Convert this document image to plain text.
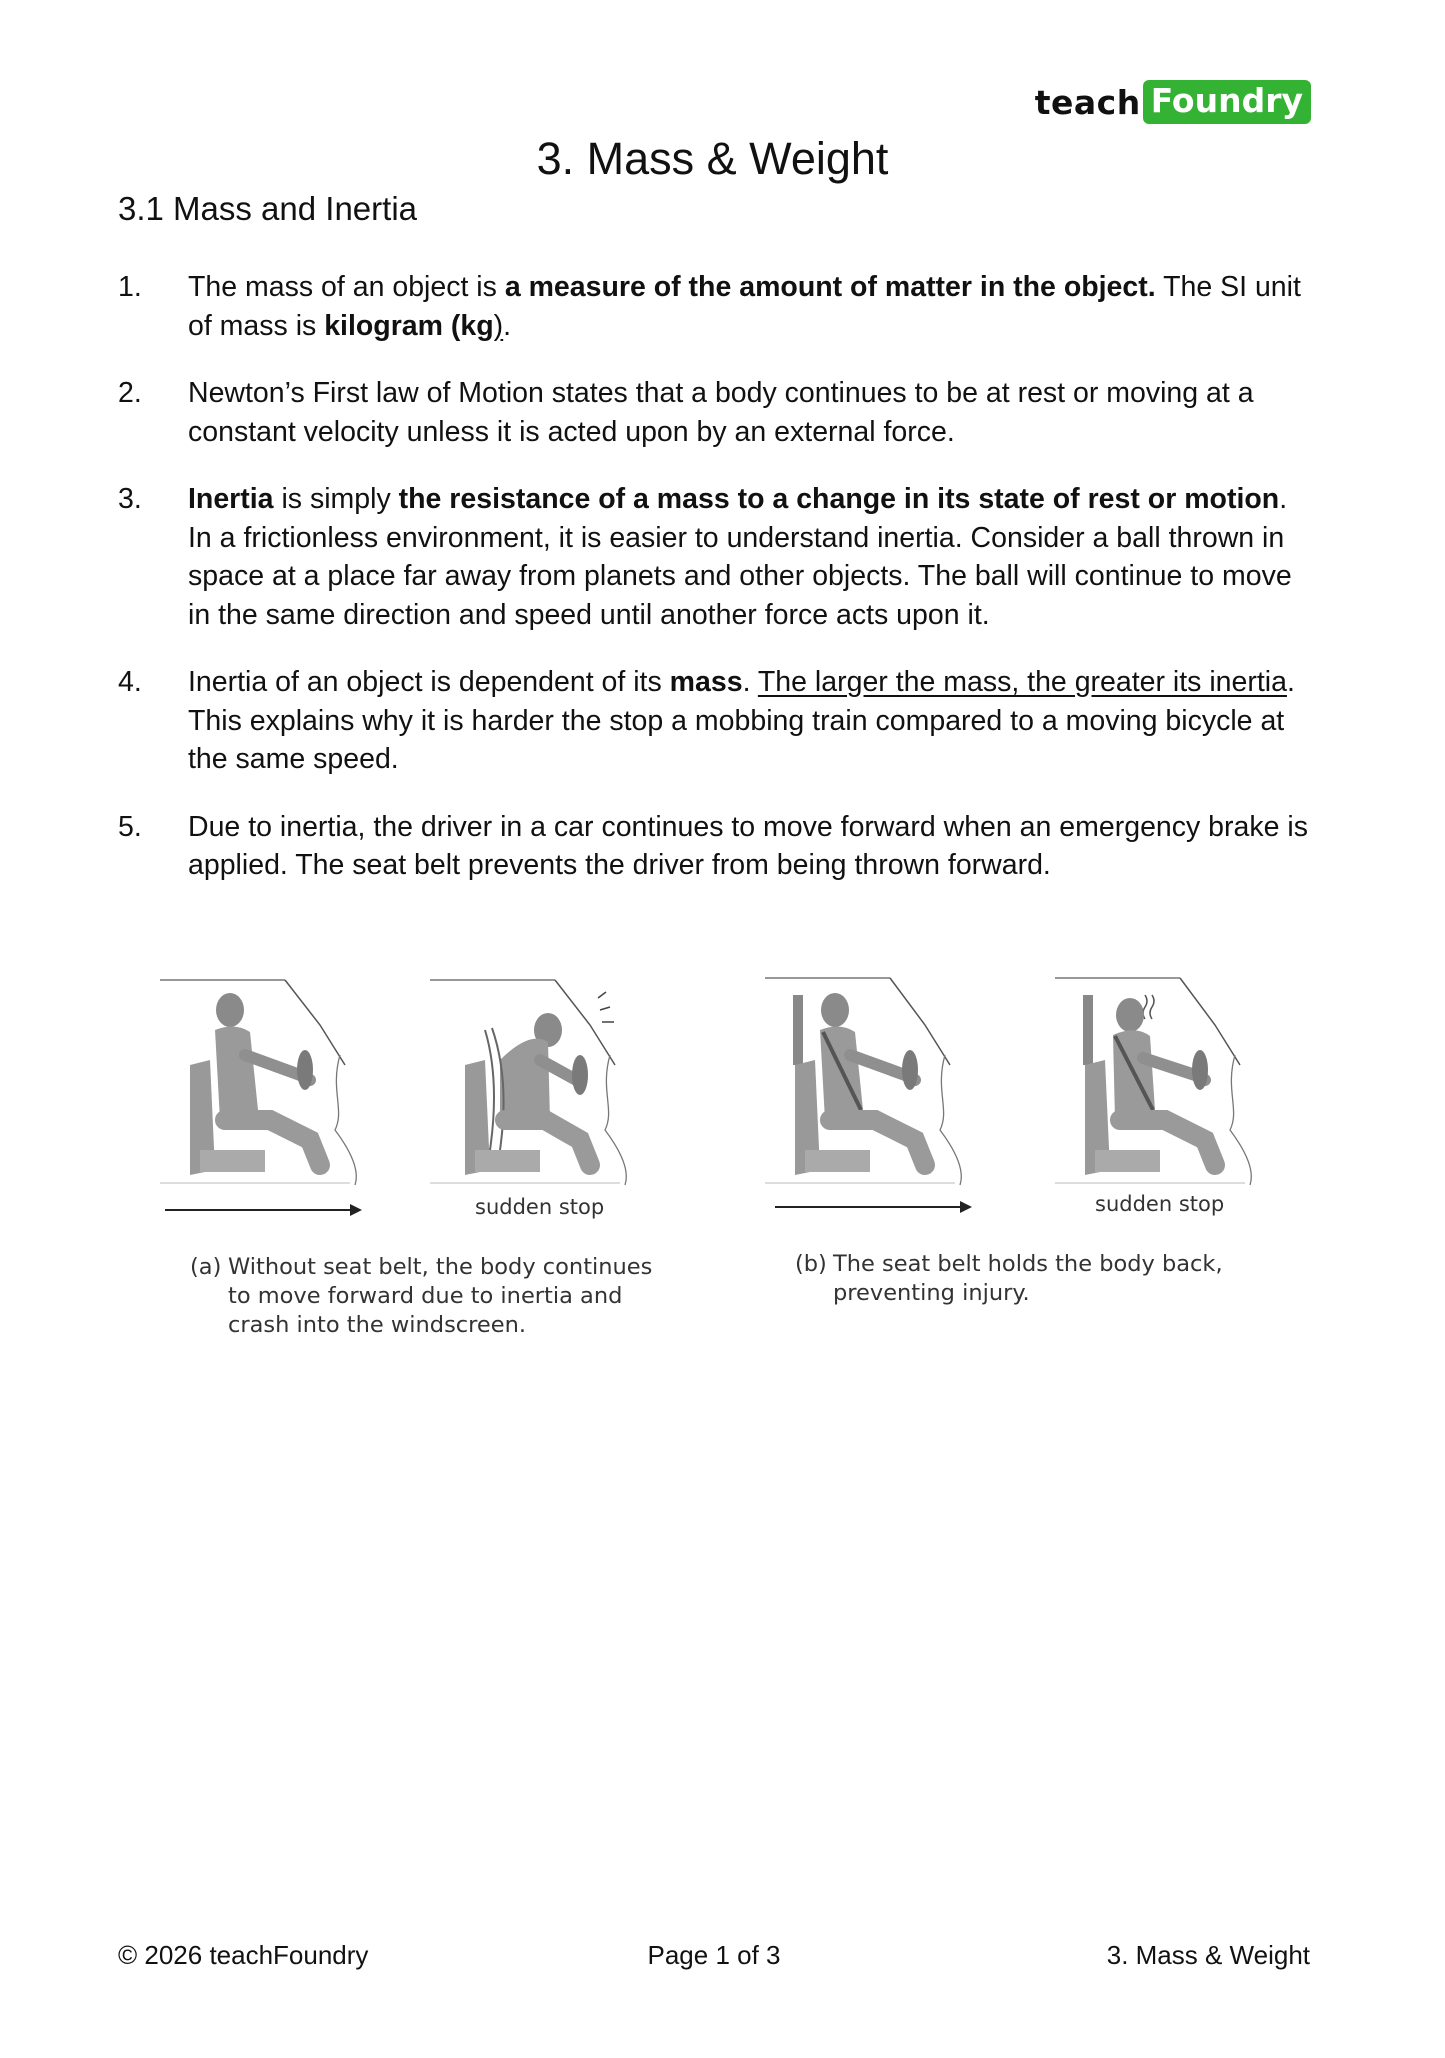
teach Foundry
3. Mass & Weight
3.1 Mass and Inertia
1.	The mass of an object is a measure of the amount of matter in the object. The SI unit of mass is kilogram (kg).
2.	Newton’s First law of Motion states that a body continues to be at rest or moving at a constant velocity unless it is acted upon by an external force.
3.	Inertia is simply the resistance of a mass to a change in its state of rest or motion. In a frictionless environment, it is easier to understand inertia. Consider a ball thrown in space at a place far away from planets and other objects. The ball will continue to move in the same direction and speed until another force acts upon it.
4.	Inertia of an object is dependent of its mass. The larger the mass, the greater its inertia. This explains why it is harder the stop a mobbing train compared to a moving bicycle at the same speed.
5.	Due to inertia, the driver in a car continues to move forward when an emergency brake is applied. The seat belt prevents the driver from being thrown forward.
sudden stop
(a) Without seat belt, the body continues
to move forward due to inertia and
crash into the windscreen.
sudden stop
(b) The seat belt holds the body back,
preventing injury.
© 2026 teachFoundry	Page 1 of 3	3. Mass & Weight
